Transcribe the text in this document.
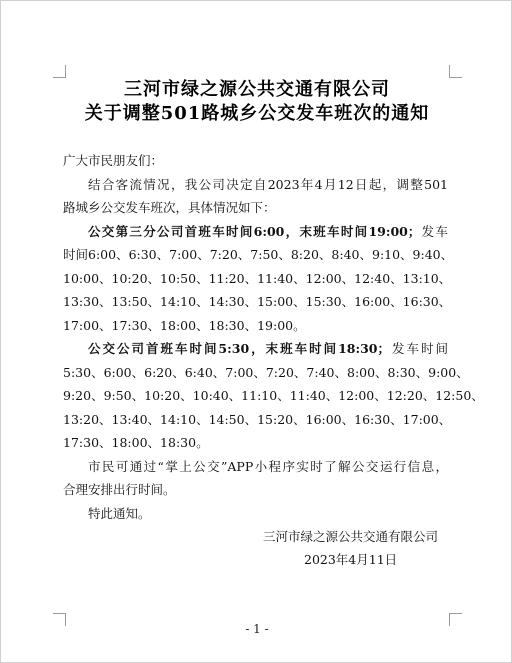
三河市绿之源公共交通有限公司
关于调整501路城乡公交发车班次的通知
广大市民朋友们：
结合客流情况，我公司决定自2023年4月12日起，调整501
路城乡公交发车班次，具体情况如下：
公交第三分公司首班车时间6:00，末班车时间19:00；发车
时间6:00、6:30、7:00、7:20、7:50、8:20、8:40、9:10、9:40、
10:00、10:20、10:50、11:20、11:40、12:00、12:40、13:10、
13:30、13:50、14:10、14:30、15:00、15:30、16:00、16:30、
17:00、17:30、18:00、18:30、19:00。
公交公司首班车时间5:30，末班车时间18:30；发车时间
5:30、6:00、6:20、6:40、7:00、7:20、7:40、8:00、8:30、9:00、
9:20、9:50、10:20、10:40、11:10、11:40、12:00、12:20、12:50、
13:20、13:40、14:10、14:50、15:20、16:00、16:30、17:00、
17:30、18:00、18:30。
市民可通过“掌上公交”APP小程序实时了解公交运行信息，
合理安排出行时间。
特此通知。
三河市绿之源公共交通有限公司
2023年4月11日
- 1 -
